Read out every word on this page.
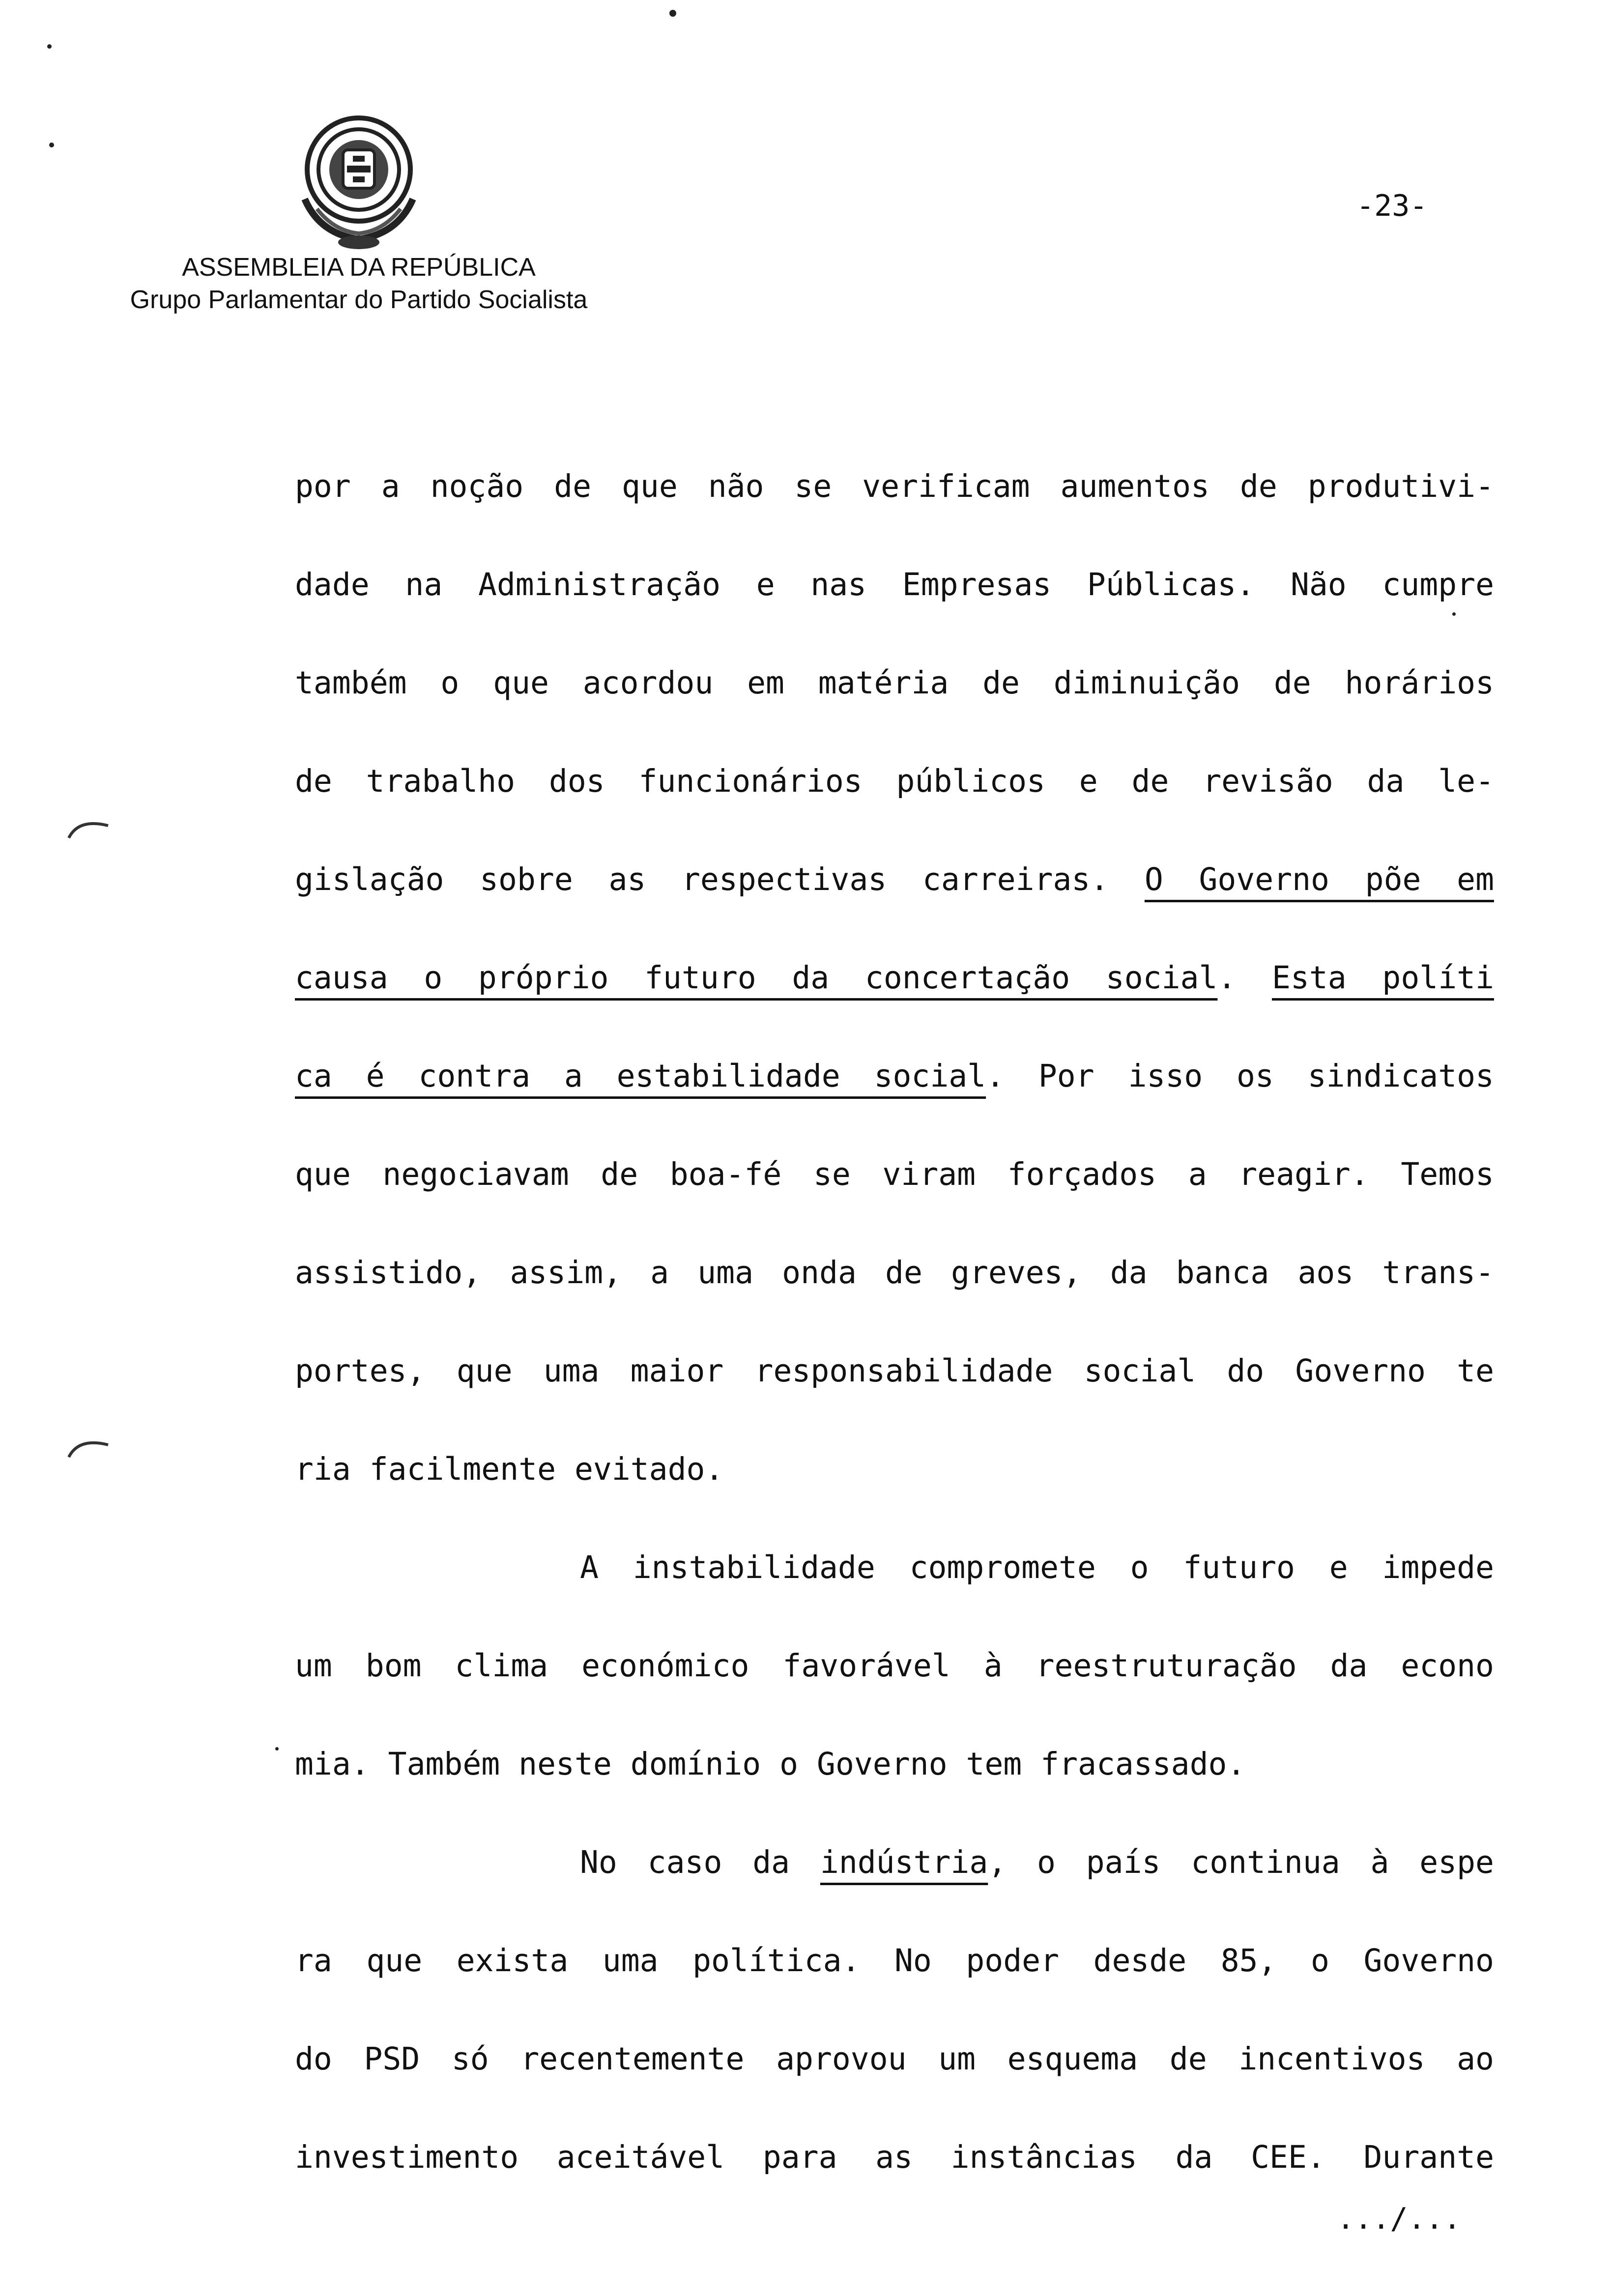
ASSEMBLEIA DA REPÚBLICA
Grupo Parlamentar do Partido Socialista
-23-
por a noção de que não se verificam aumentos de produtivi-
dade na Administração e nas Empresas Públicas. Não cumpre
também o que acordou em matéria de diminuição de horários
de trabalho dos funcionários públicos e de revisão da le-
gislação sobre as respectivas carreiras. O Governo põe em
causa o próprio futuro da concertação social. Esta políti
ca é contra a estabilidade social. Por isso os sindicatos
que negociavam de boa-fé se viram forçados a reagir. Temos
assistido, assim, a uma onda de greves, da banca aos trans-
portes, que uma maior responsabilidade social do Governo te
ria facilmente evitado.
A instabilidade compromete o futuro e impede
um bom clima económico favorável à reestruturação da econo
mia. Também neste domínio o Governo tem fracassado.
No caso da indústria, o país continua à espe
ra que exista uma política. No poder desde 85, o Governo
do PSD só recentemente aprovou um esquema de incentivos ao
investimento aceitável para as instâncias da CEE. Durante
.../...
